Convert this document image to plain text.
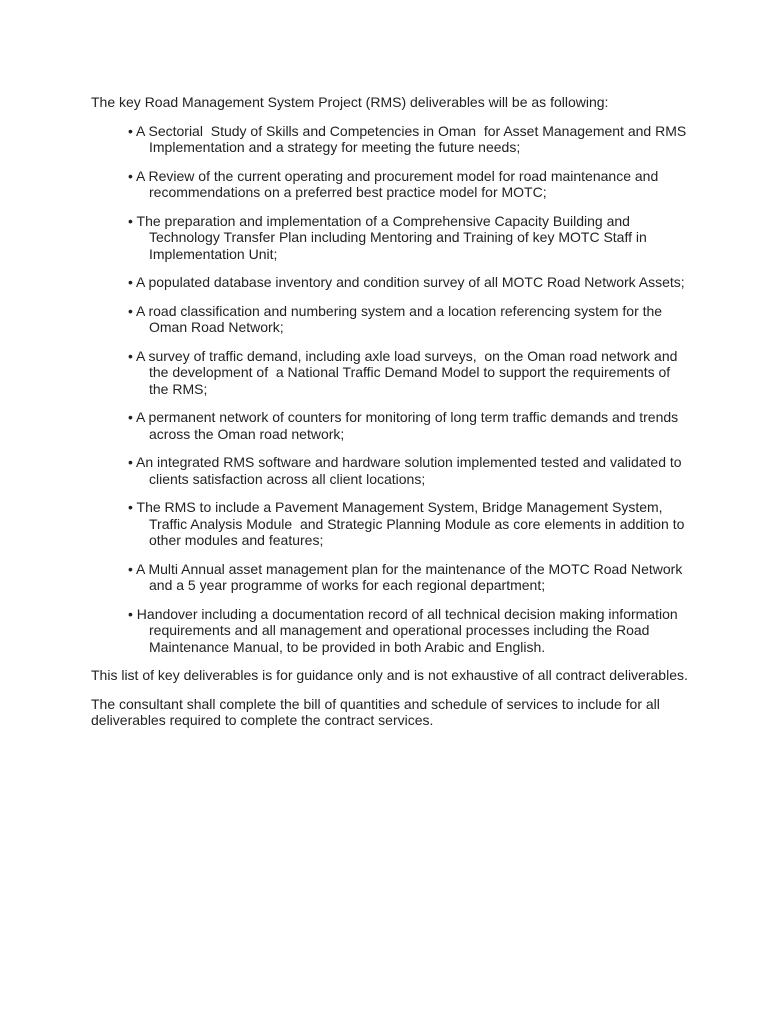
The key Road Management System Project (RMS) deliverables will be as following:

• A Sectorial  Study of Skills and Competencies in Oman  for Asset Management and RMS Implementation and a strategy for meeting the future needs;
• A Review of the current operating and procurement model for road maintenance and recommendations on a preferred best practice model for MOTC;
• The preparation and implementation of a Comprehensive Capacity Building and Technology Transfer Plan including Mentoring and Training of key MOTC Staff in Implementation Unit;
• A populated database inventory and condition survey of all MOTC Road Network Assets;
• A road classification and numbering system and a location referencing system for the Oman Road Network;
• A survey of traffic demand, including axle load surveys,  on the Oman road network and the development of  a National Traffic Demand Model to support the requirements of the RMS;
• A permanent network of counters for monitoring of long term traffic demands and trends across the Oman road network;
• An integrated RMS software and hardware solution implemented tested and validated to clients satisfaction across all client locations;
• The RMS to include a Pavement Management System, Bridge Management System, Traffic Analysis Module  and Strategic Planning Module as core elements in addition to other modules and features;
• A Multi Annual asset management plan for the maintenance of the MOTC Road Network and a 5 year programme of works for each regional department;
• Handover including a documentation record of all technical decision making information requirements and all management and operational processes including the Road Maintenance Manual, to be provided in both Arabic and English.

This list of key deliverables is for guidance only and is not exhaustive of all contract deliverables.

The consultant shall complete the bill of quantities and schedule of services to include for all deliverables required to complete the contract services.
